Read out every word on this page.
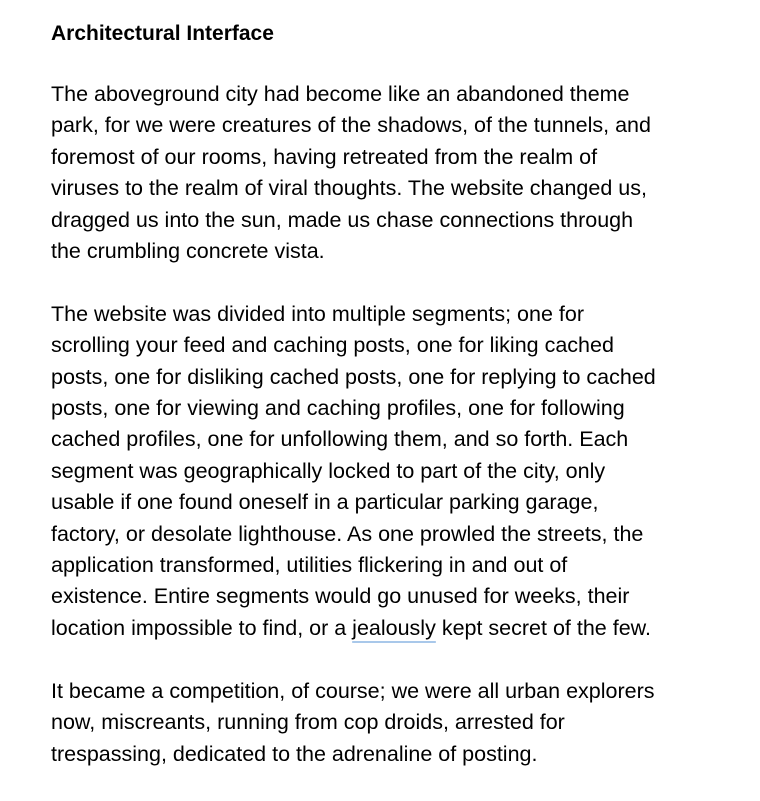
Architectural Interface

The aboveground city had become like an abandoned theme
park, for we were creatures of the shadows, of the tunnels, and
foremost of our rooms, having retreated from the realm of
viruses to the realm of viral thoughts. The website changed us,
dragged us into the sun, made us chase connections through
the crumbling concrete vista.

The website was divided into multiple segments; one for
scrolling your feed and caching posts, one for liking cached
posts, one for disliking cached posts, one for replying to cached
posts, one for viewing and caching profiles, one for following
cached profiles, one for unfollowing them, and so forth. Each
segment was geographically locked to part of the city, only
usable if one found oneself in a particular parking garage,
factory, or desolate lighthouse. As one prowled the streets, the
application transformed, utilities flickering in and out of
existence. Entire segments would go unused for weeks, their
location impossible to find, or a jealously kept secret of the few.

It became a competition, of course; we were all urban explorers
now, miscreants, running from cop droids, arrested for
trespassing, dedicated to the adrenaline of posting.
